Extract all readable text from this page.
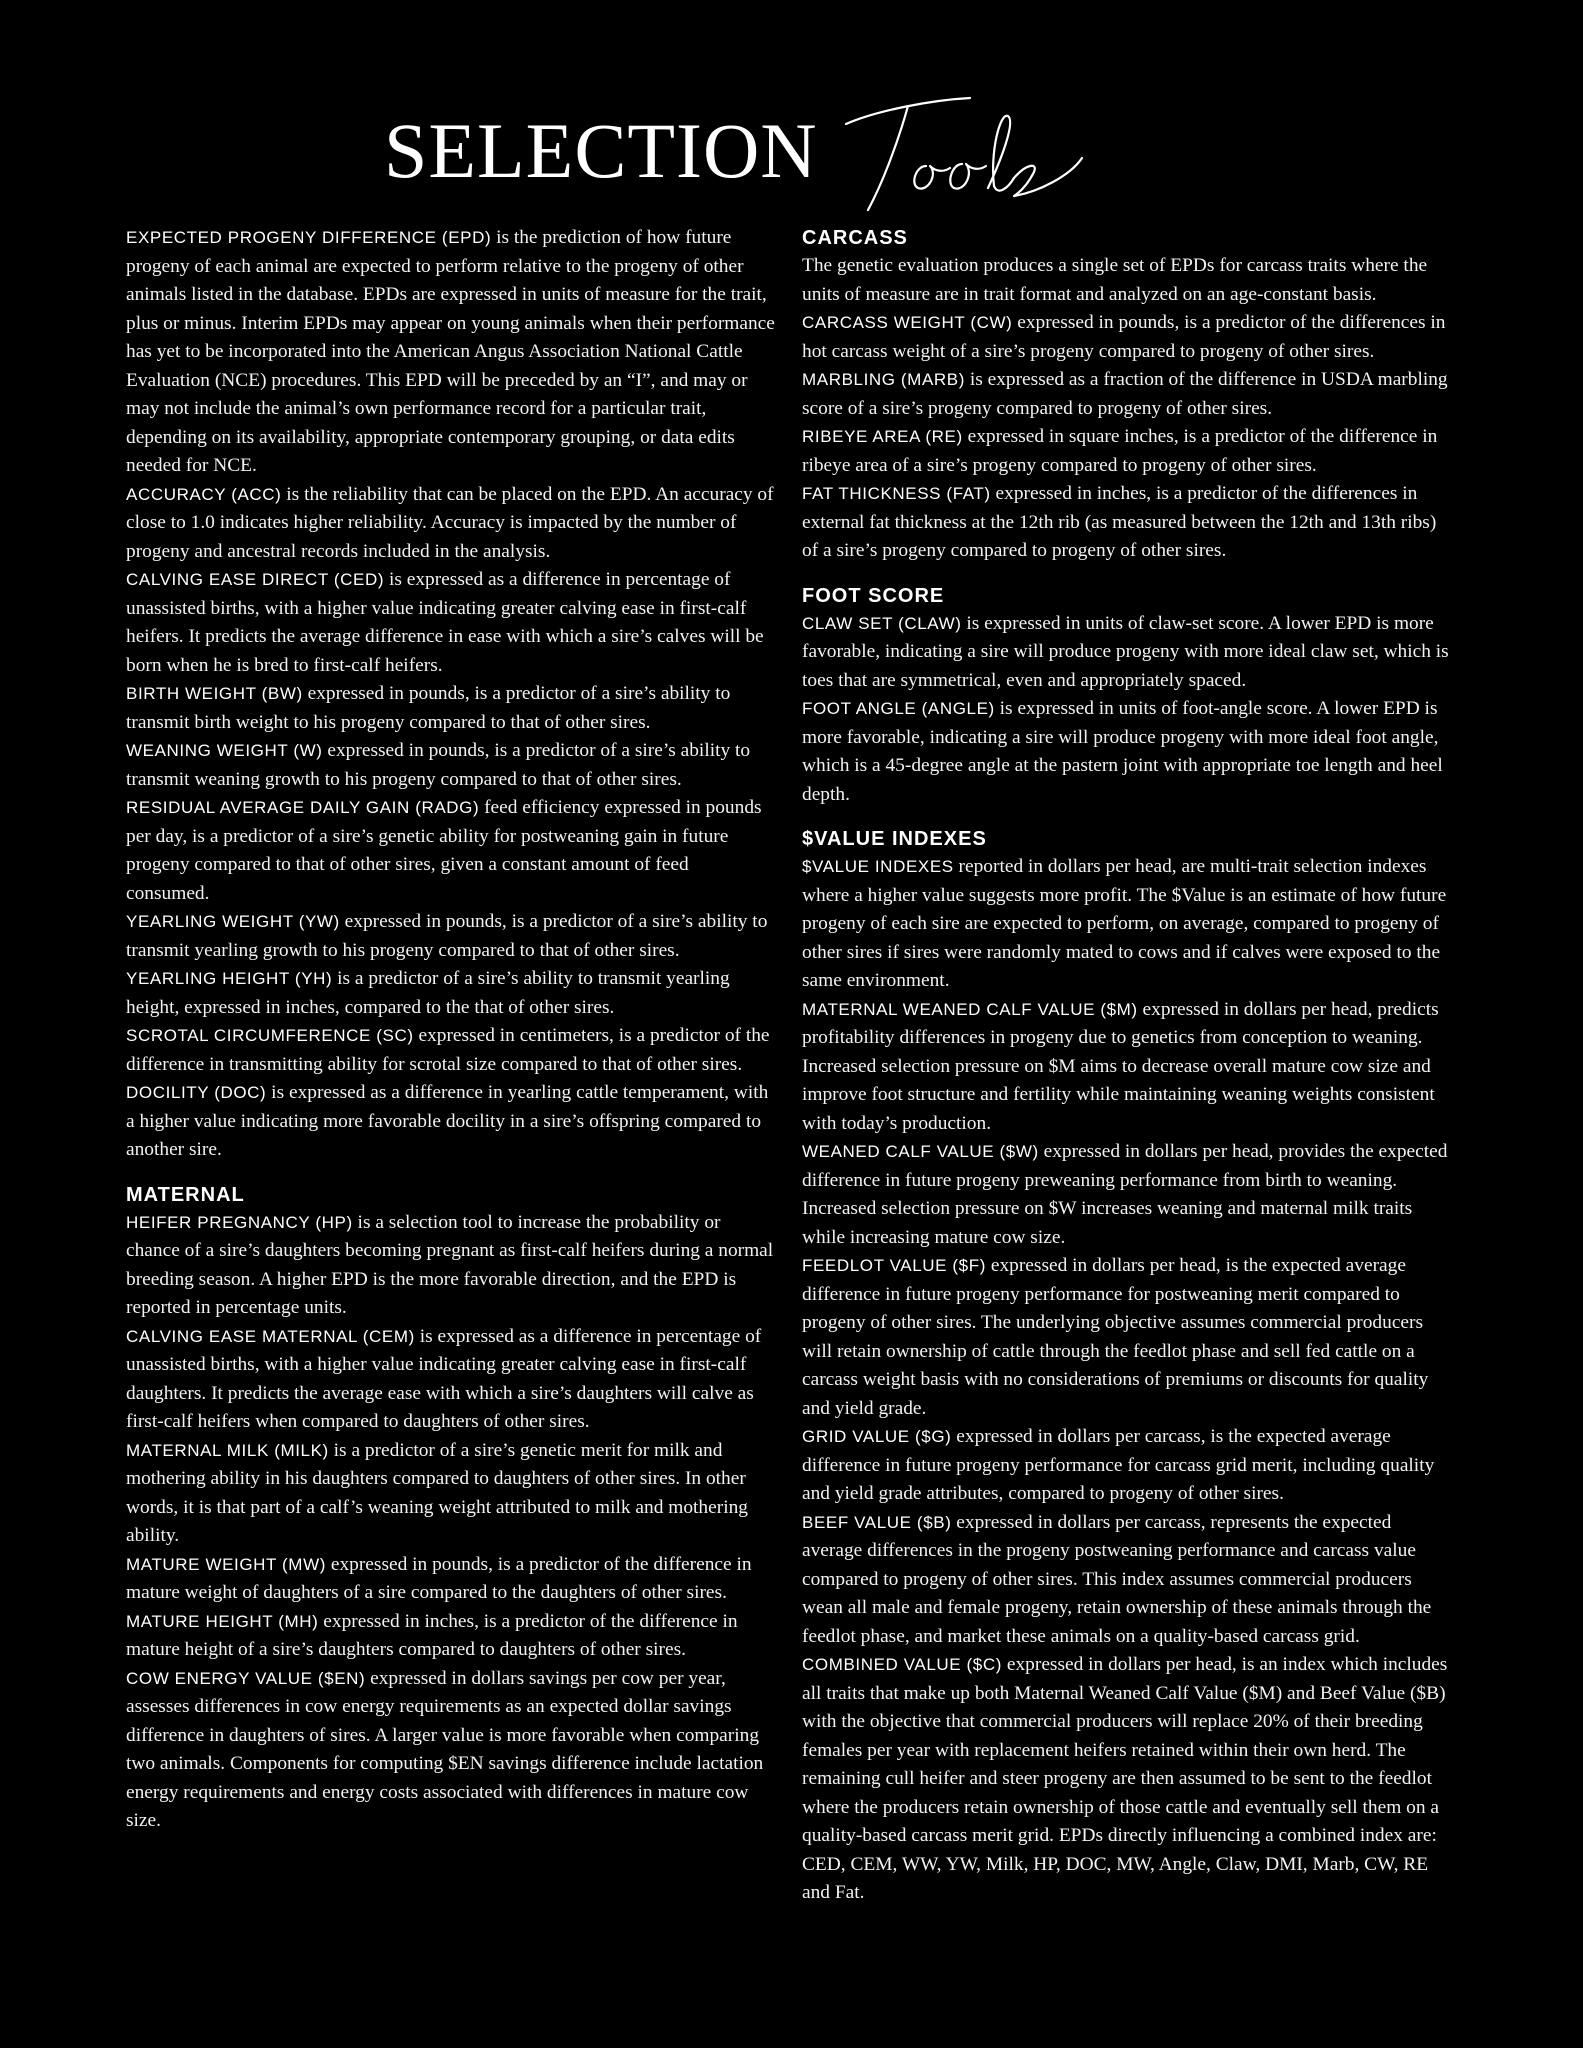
SELECTION

EXPECTED PROGENY DIFFERENCE (EPD) is the prediction of how future progeny of each animal are expected to perform relative to the progeny of other animals listed in the database. EPDs are expressed in units of measure for the trait, plus or minus. Interim EPDs may appear on young animals when their performance has yet to be incorporated into the American Angus Association National Cattle Evaluation (NCE) procedures. This EPD will be preceded by an “I”, and may or may not include the animal’s own performance record for a particular trait, depending on its availability, appropriate contemporary grouping, or data edits needed for NCE.

ACCURACY (ACC) is the reliability that can be placed on the EPD. An accuracy of close to 1.0 indicates higher reliability. Accuracy is impacted by the number of progeny and ancestral records included in the analysis.

CALVING EASE DIRECT (CED) is expressed as a difference in percentage of unassisted births, with a higher value indicating greater calving ease in first-calf heifers. It predicts the average difference in ease with which a sire’s calves will be born when he is bred to first-calf heifers.

BIRTH WEIGHT (BW) expressed in pounds, is a predictor of a sire’s ability to transmit birth weight to his progeny compared to that of other sires.

WEANING WEIGHT (W) expressed in pounds, is a predictor of a sire’s ability to transmit weaning growth to his progeny compared to that of other sires.

RESIDUAL AVERAGE DAILY GAIN (RADG) feed efficiency expressed in pounds per day, is a predictor of a sire’s genetic ability for postweaning gain in future progeny compared to that of other sires, given a constant amount of feed consumed.

YEARLING WEIGHT (YW) expressed in pounds, is a predictor of a sire’s ability to transmit yearling growth to his progeny compared to that of other sires.

YEARLING HEIGHT (YH) is a predictor of a sire’s ability to transmit yearling height, expressed in inches, compared to the that of other sires.

SCROTAL CIRCUMFERENCE (SC) expressed in centimeters, is a predictor of the difference in transmitting ability for scrotal size compared to that of other sires.

DOCILITY (DOC) is expressed as a difference in yearling cattle temperament, with a higher value indicating more favorable docility in a sire’s offspring compared to another sire.

MATERNAL

HEIFER PREGNANCY (HP) is a selection tool to increase the probability or chance of a sire’s daughters becoming pregnant as first-calf heifers during a normal breeding season. A higher EPD is the more favorable direction, and the EPD is reported in percentage units.

CALVING EASE MATERNAL (CEM) is expressed as a difference in percentage of unassisted births, with a higher value indicating greater calving ease in first-calf daughters. It predicts the average ease with which a sire’s daughters will calve as first-calf heifers when compared to daughters of other sires.

MATERNAL MILK (MILK) is a predictor of a sire’s genetic merit for milk and mothering ability in his daughters compared to daughters of other sires. In other words, it is that part of a calf’s weaning weight attributed to milk and mothering ability.

MATURE WEIGHT (MW) expressed in pounds, is a predictor of the difference in mature weight of daughters of a sire compared to the daughters of other sires.

MATURE HEIGHT (MH) expressed in inches, is a predictor of the difference in mature height of a sire’s daughters compared to daughters of other sires.

COW ENERGY VALUE ($EN) expressed in dollars savings per cow per year, assesses differences in cow energy requirements as an expected dollar savings difference in daughters of sires. A larger value is more favorable when comparing two animals. Components for computing $EN savings difference include lactation energy requirements and energy costs associated with differences in mature cow size.

CARCASS

The genetic evaluation produces a single set of EPDs for carcass traits where the units of measure are in trait format and analyzed on an age-constant basis.

CARCASS WEIGHT (CW) expressed in pounds, is a predictor of the differences in hot carcass weight of a sire’s progeny compared to progeny of other sires.

MARBLING (MARB) is expressed as a fraction of the difference in USDA marbling score of a sire’s progeny compared to progeny of other sires.

RIBEYE AREA (RE) expressed in square inches, is a predictor of the difference in ribeye area of a sire’s progeny compared to progeny of other sires.

FAT THICKNESS (FAT) expressed in inches, is a predictor of the differences in external fat thickness at the 12th rib (as measured between the 12th and 13th ribs) of a sire’s progeny compared to progeny of other sires.

FOOT SCORE

CLAW SET (CLAW) is expressed in units of claw-set score. A lower EPD is more favorable, indicating a sire will produce progeny with more ideal claw set, which is toes that are symmetrical, even and appropriately spaced.

FOOT ANGLE (ANGLE) is expressed in units of foot-angle score. A lower EPD is more favorable, indicating a sire will produce progeny with more ideal foot angle, which is a 45-degree angle at the pastern joint with appropriate toe length and heel depth.

$VALUE INDEXES

$VALUE INDEXES reported in dollars per head, are multi-trait selection indexes where a higher value suggests more profit. The $Value is an estimate of how future progeny of each sire are expected to perform, on average, compared to progeny of other sires if sires were randomly mated to cows and if calves were exposed to the same environment.

MATERNAL WEANED CALF VALUE ($M) expressed in dollars per head, predicts profitability differences in progeny due to genetics from conception to weaning. Increased selection pressure on $M aims to decrease overall mature cow size and improve foot structure and fertility while maintaining weaning weights consistent with today’s production.

WEANED CALF VALUE ($W) expressed in dollars per head, provides the expected difference in future progeny preweaning performance from birth to weaning. Increased selection pressure on $W increases weaning and maternal milk traits while increasing mature cow size.

FEEDLOT VALUE ($F) expressed in dollars per head, is the expected average difference in future progeny performance for postweaning merit compared to progeny of other sires. The underlying objective assumes commercial producers will retain ownership of cattle through the feedlot phase and sell fed cattle on a carcass weight basis with no considerations of premiums or discounts for quality and yield grade.

GRID VALUE ($G) expressed in dollars per carcass, is the expected average difference in future progeny performance for carcass grid merit, including quality and yield grade attributes, compared to progeny of other sires.

BEEF VALUE ($B) expressed in dollars per carcass, represents the expected average differences in the progeny postweaning performance and carcass value compared to progeny of other sires. This index assumes commercial producers wean all male and female progeny, retain ownership of these animals through the feedlot phase, and market these animals on a quality-based carcass grid.

COMBINED VALUE ($C) expressed in dollars per head, is an index which includes all traits that make up both Maternal Weaned Calf Value ($M) and Beef Value ($B) with the objective that commercial producers will replace 20% of their breeding females per year with replacement heifers retained within their own herd. The remaining cull heifer and steer progeny are then assumed to be sent to the feedlot where the producers retain ownership of those cattle and eventually sell them on a quality-based carcass merit grid. EPDs directly influencing a combined index are: CED, CEM, WW, YW, Milk, HP, DOC, MW, Angle, Claw, DMI, Marb, CW, RE and Fat.
